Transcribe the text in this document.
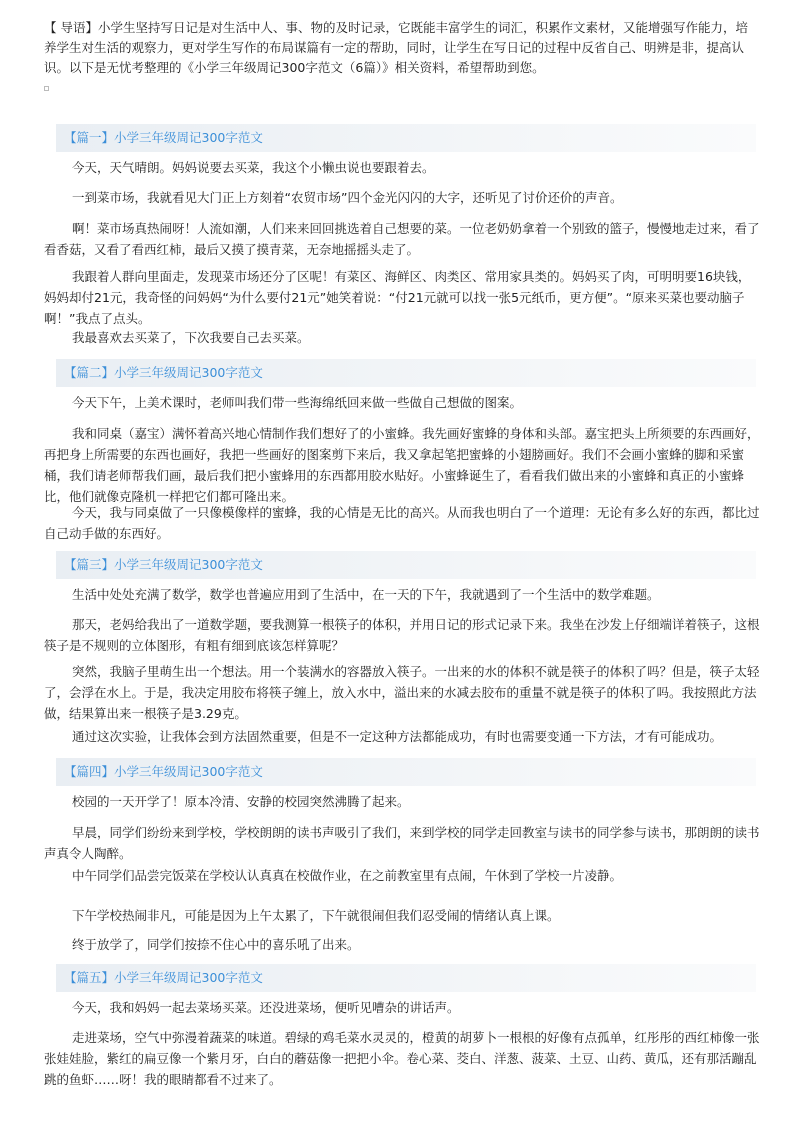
【 导语】小学生坚持写日记是对生活中人、事、物的及时记录，它既能丰富学生的词汇，积累作文素材，又能增强写作能力，培养学生对生活的观察力，更对学生写作的布局谋篇有一定的帮助，同时，让学生在写日记的过程中反省自己、明辨是非，提高认识。以下是无忧考整理的《小学三年级周记300字范文（6篇）》相关资料，希望帮助到您。
【篇一】小学三年级周记300字范文
今天，天气晴朗。妈妈说要去买菜，我这个小懒虫说也要跟着去。
一到菜市场，我就看见大门正上方刻着“农贸市场”四个金光闪闪的大字，还听见了讨价还价的声音。
啊！菜市场真热闹呀！人流如潮，人们来来回回挑选着自己想要的菜。一位老奶奶拿着一个别致的篮子，慢慢地走过来，看了看香菇，又看了看西红柿，最后又摸了摸青菜，无奈地摇摇头走了。
我跟着人群向里面走，发现菜市场还分了区呢！有菜区、海鲜区、肉类区、常用家具类的。妈妈买了肉，可明明要16块钱，妈妈却付21元，我奇怪的问妈妈“为什么要付21元”她笑着说：“付21元就可以找一张5元纸币，更方便”。“原来买菜也要动脑子啊！”我点了点头。
我最喜欢去买菜了，下次我要自己去买菜。
【篇二】小学三年级周记300字范文
今天下午，上美术课时，老师叫我们带一些海绵纸回来做一些做自己想做的图案。
我和同桌（嘉宝）满怀着高兴地心情制作我们想好了的小蜜蜂。我先画好蜜蜂的身体和头部。嘉宝把头上所须要的东西画好，再把身上所需要的东西也画好，我把一些画好的图案剪下来后，我又拿起笔把蜜蜂的小翅膀画好。我们不会画小蜜蜂的脚和采蜜桶，我们请老师帮我们画，最后我们把小蜜蜂用的东西都用胶水贴好。小蜜蜂诞生了，看看我们做出来的小蜜蜂和真正的小蜜蜂比，他们就像克隆机一样把它们都可隆出来。
今天，我与同桌做了一只像模像样的蜜蜂，我的心情是无比的高兴。从而我也明白了一个道理：无论有多么好的东西，都比过自己动手做的东西好。
【篇三】小学三年级周记300字范文
生活中处处充满了数学，数学也普遍应用到了生活中，在一天的下午，我就遇到了一个生活中的数学难题。
那天，老妈给我出了一道数学题，要我测算一根筷子的体积，并用日记的形式记录下来。我坐在沙发上仔细端详着筷子，这根筷子是不规则的立体图形，有粗有细到底该怎样算呢？
突然，我脑子里萌生出一个想法。用一个装满水的容器放入筷子。一出来的水的体积不就是筷子的体积了吗？但是，筷子太轻了，会浮在水上。于是，我决定用胶布将筷子缠上，放入水中，溢出来的水减去胶布的重量不就是筷子的体积了吗。我按照此方法做，结果算出来一根筷子是3.29克。
通过这次实验，让我体会到方法固然重要，但是不一定这种方法都能成功，有时也需要变通一下方法，才有可能成功。
【篇四】小学三年级周记300字范文
校园的一天开学了！原本冷清、安静的校园突然沸腾了起来。
早晨，同学们纷纷来到学校，学校朗朗的读书声吸引了我们，来到学校的同学走回教室与读书的同学参与读书，那朗朗的读书声真令人陶醉。
中午同学们品尝完饭菜在学校认认真真在校做作业，在之前教室里有点闹，午休到了学校一片凌静。
下午学校热闹非凡，可能是因为上午太累了，下午就很闹但我们忍受闹的情绪认真上课。
终于放学了，同学们按捺不住心中的喜乐吼了出来。
【篇五】小学三年级周记300字范文
今天，我和妈妈一起去菜场买菜。还没进菜场，便听见嘈杂的讲话声。
走进菜场，空气中弥漫着蔬菜的味道。碧绿的鸡毛菜水灵灵的，橙黄的胡萝卜一根根的好像有点孤单，红彤彤的西红柿像一张张娃娃脸，紫红的扁豆像一个紫月牙，白白的蘑菇像一把把小伞。卷心菜、茭白、洋葱、菠菜、土豆、山药、黄瓜，还有那活蹦乱跳的鱼虾……呀！我的眼睛都看不过来了。
